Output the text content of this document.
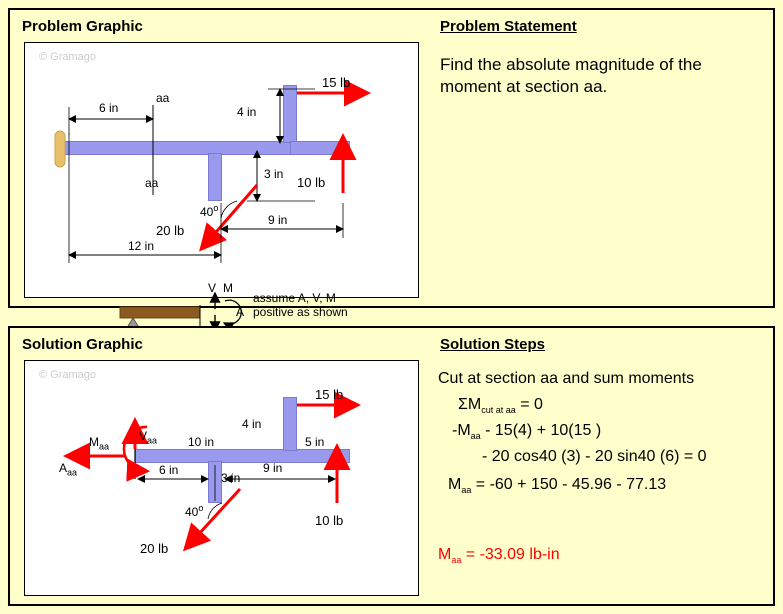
Problem Graphic	Problem Statement
© Gramago
6 in
aa
aa
4 in
15 lb
3 in
10 lb
40$^o$
20 lb
9 in
12 in
V M
A
assume A, V, M
positive as shown
Find the absolute magnitude of the
moment at section aa.
Solution Graphic	Solution Steps
© Gramago
$M_{aa}$
$V_{aa}$
$A_{aa}$
15 lb
4 in
10 in	5 in
6 in
3 in
9 in
40$^o$
20 lb
10 lb
Cut at section aa and sum moments
$\Sigma M_{cut at aa} = 0$
$-M_{aa} - 15(4) + 10(15$ )
- 20 cos40 (3) - 20 sin40 (6) = 0
$M_{aa} = -60 + 150 - 45.96 - 77.13$
$M_{aa} = -33.09$ lb-in
